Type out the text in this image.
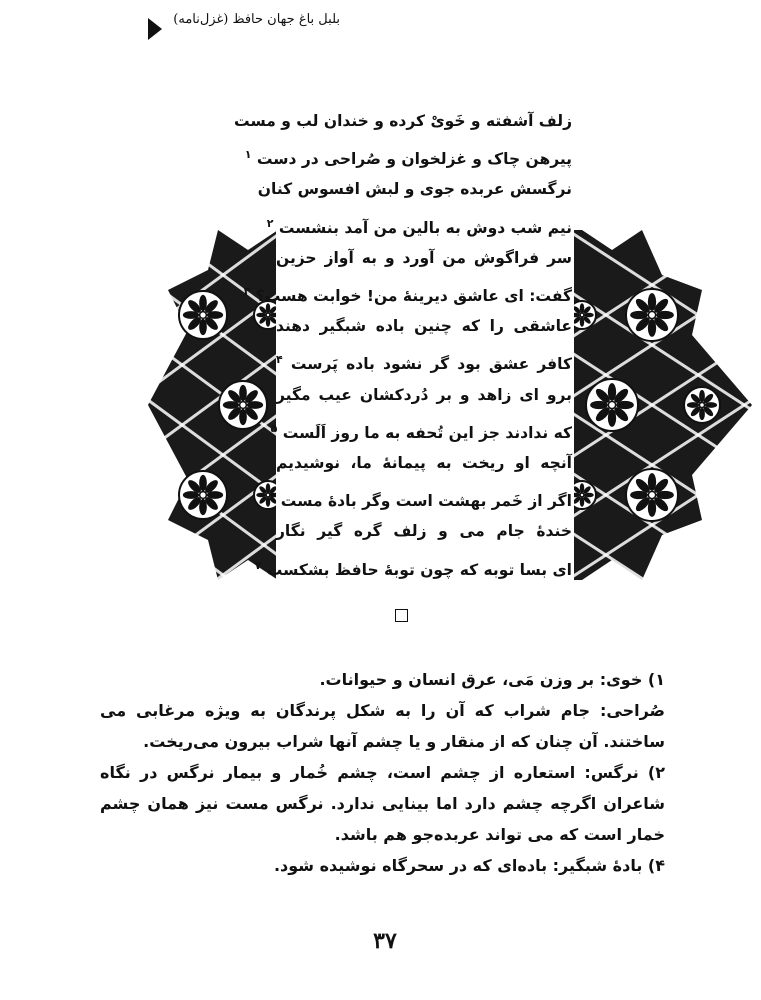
بلبل باغ جهان حافظ (غزل‌نامه)
زلف آشفته و خَویْ کرده و خندان لب و مست
پیرهن چاک و غزلخوان و صُراحی در دست $^۱$
نرگسش عربده جوی و لبش افسوس کنان
نیم شب دوش به بالین من آمد بنشست $^۲$
سر فراگوش من آورد و به آواز حزین
گفت: ای عاشق دیرینهٔ من! خوابت هست؟ $^۳$
عاشقی را که چنین باده شبگیر دهند
کافر عشق بود گر نشود باده پَرست $^۴$
برو ای زاهد و بر دُردکشان عیب مگیر
که ندادند جز این تُحفه به ما روز اَلَست $^۵$
آنچه او ریخت به پیمانهٔ ما، نوشیدیم
اگر از خَمر بهشت است وگر بادهٔ مست $^۶$
خندهٔ جام می و زلف گره گیر نگار
ای بسا توبه که چون توبهٔ حافظ بشکست $^۷$

۱) خوی: بر وزن مَی، عرق انسان و حیوانات.

صُراحی: جام شراب که آن را به شکل پرندگان به ویژه مرغابی می ساختند. آن چنان که از منقار و یا چشم آنها شراب بیرون می‌ریخت.

۲) نرگس: استعاره از چشم است، چشم خُمار و بیمار نرگس در نگاه شاعران اگرچه چشم دارد اما بینایی ندارد. نرگس مست نیز همان چشم خمار است که می تواند عربده‌جو هم باشد.

۴) بادهٔ شبگیر: باده‌ای که در سحرگاه نوشیده شود.

۳۷
